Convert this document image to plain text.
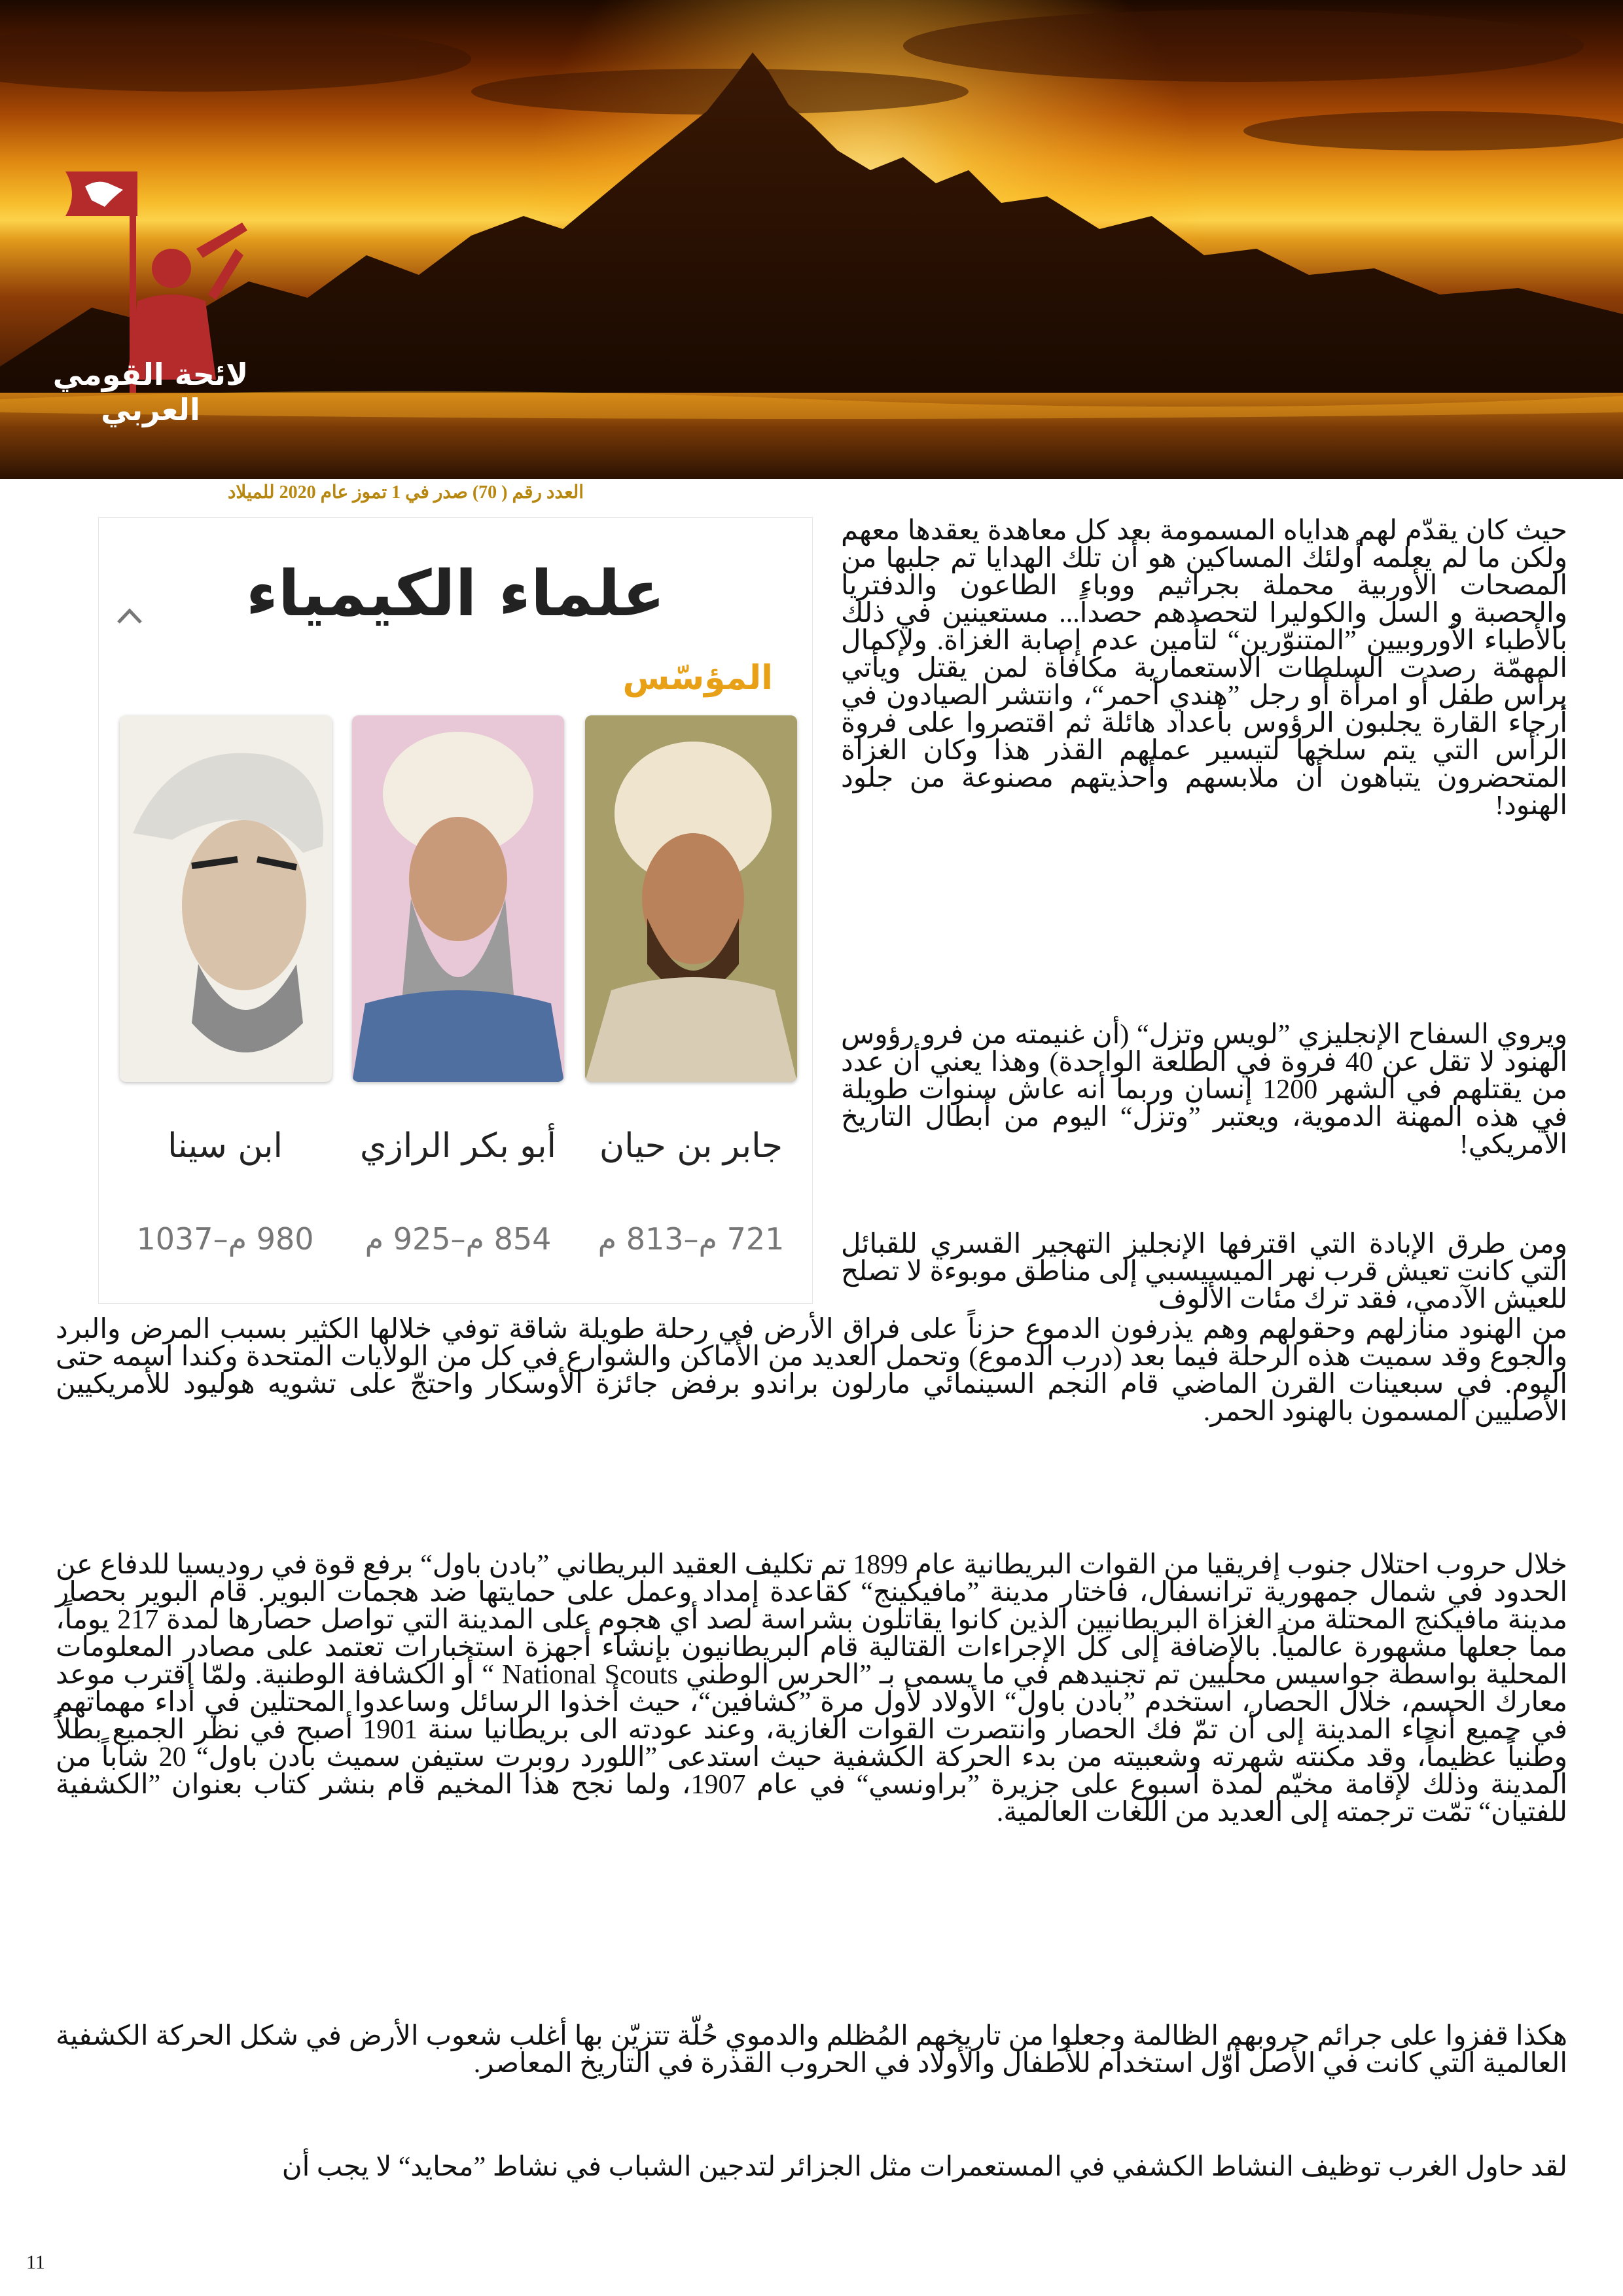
لائحة القومي العربي
العدد رقم ( 70) صدر في 1 تموز عام 2020 للميلاد
علماء الكيمياء
المؤسّس
جابر بن حيان
721 م–813 م
أبو بكر الرازي
854 م–925 م
ابن سينا
980 م–1037

حيث كان يقدّم لهم هداياه المسمومة بعد كل معاهدة يعقدها معهم ولكن ما لم يعلمه أولئك المساكين هو أن تلك الهدايا تم جلبها من المصحات الأوربية محملة بجراثيم ووباء الطاعون والدفتريا والحصبة و السل والكوليرا لتحصدهم حصداً... مستعينين في ذلك بالأطباء الأوروبيين ”المتنوّرين“ لتأمين عدم إصابة الغزاة. ولإكمال المهمّة رصدت السلطات الاستعمارية مكافأة لمن يقتل ويأتي برأس طفل أو امرأة أو رجل ”هندي أحمر“، وانتشر الصيادون في أرجاء القارة يجلبون الرؤوس بأعداد هائلة ثم اقتصروا على فروة الرأس التي يتم سلخها لتيسير عملهم القذر هذا وكان الغزاة المتحضرون يتباهون أن ملابسهم وأحذيتهم مصنوعة من جلود الهنود!

ويروي السفاح الإنجليزي ”لويس وتزل“ (أن غنيمته من فرو رؤوس الهنود لا تقل عن 40 فروة في الطلعة الواحدة) وهذا يعني أن عدد من يقتلهم في الشهر 1200 إنسان وربما أنه عاش سنوات طويلة في هذه المهنة الدموية، ويعتبر ”وتزل“ اليوم من أبطال التاريخ الأمريكي!

ومن طرق الإبادة التي اقترفها الإنجليز التهجير القسري للقبائل التي كانت تعيش قرب نهر الميسيسبي إلى مناطق موبوءة لا تصلح للعيش الآدمي، فقد ترك مئات الألوف

من الهنود منازلهم وحقولهم وهم يذرفون الدموع حزناً على فراق الأرض في رحلة طويلة شاقة توفي خلالها الكثير بسبب المرض والبرد والجوع وقد سميت هذه الرحلة فيما بعد (درب الدموع) وتحمل العديد من الأماكن والشوارع في كل من الولايات المتحدة وكندا اسمه حتى اليوم. في سبعينات القرن الماضي قام النجم السينمائي مارلون براندو برفض جائزة الأوسكار واحتجّ على تشويه هوليود للأمريكيين الأصليين المسمون بالهنود الحمر.

خلال حروب احتلال جنوب إفريقيا من القوات البريطانية عام 1899 تم تكليف العقيد البريطاني ”بادن باول“ برفع قوة في روديسيا للدفاع عن الحدود في شمال جمهورية ترانسفال، فاختار مدينة ”مافيكينج“ كقاعدة إمداد وعمل على حمايتها ضد هجمات البوير. قام البوير بحصار مدينة مافيكنج المحتلة من الغزاة البريطانيين الذين كانوا يقاتلون بشراسة لصد أي هجوم على المدينة التي تواصل حصارها لمدة 217 يوماً، مما جعلها مشهورة عالمياً. بالإضافة إلى كل الإجراءات القتالية قام البريطانيون بإنشاء أجهزة استخبارات تعتمد على مصادر المعلومات المحلية بواسطة جواسيس محليين تم تجنيدهم في ما يسمى بـ ”الحرس الوطني National Scouts “ أو الكشافة الوطنية. ولمّا اقترب موعد معارك الحسم، خلال الحصار، استخدم ”بادن باول“ الأولاد لأول مرة ”كشافين“، حيث أخذوا الرسائل وساعدوا المحتلين في أداء مهماتهم في جميع أنحاء المدينة إلى أن تمّ فك الحصار وانتصرت القوات الغازية، وعند عودته الى بريطانيا سنة 1901 أصبح في نظر الجميع بطلاً وطنياً عظيماً، وقد مكنته شهرته وشعبيته من بدء الحركة الكشفية حيث استدعى ”اللورد روبرت ستيفن سميث بادن باول“ 20 شاباً من المدينة وذلك لإقامة مخيّم لمدة أسبوع على جزيرة ”براونسي“ في عام 1907، ولما نجح هذا المخيم قام بنشر كتاب بعنوان ”الكشفية للفتيان“ تمّت ترجمته إلى العديد من اللغات العالمية.

هكذا قفزوا على جرائم حروبهم الظالمة وجعلوا من تاريخهم المُظلم والدموي حُلّة تتزيّن بها أغلب شعوب الأرض في شكل الحركة الكشفية العالمية التي كانت في الأصل أوّل استخدام للأطفال والأولاد في الحروب القذرة في التاريخ المعاصر.

لقد حاول الغرب توظيف النشاط الكشفي في المستعمرات مثل الجزائر لتدجين الشباب في نشاط ”محايد“ لا يجب أن

11
